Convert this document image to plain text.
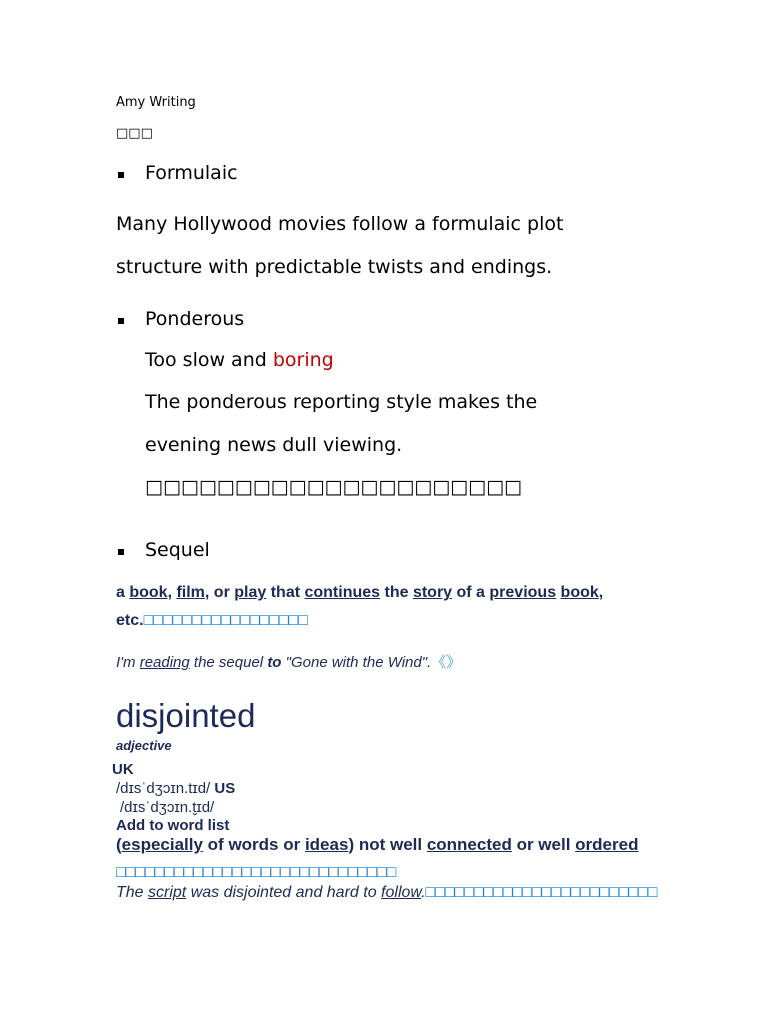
Amy Writing
□□□
Formulaic
Many Hollywood movies follow a formulaic plot
structure with predictable twists and endings.
Ponderous
Too slow and boring
The ponderous reporting style makes the
evening news dull viewing.
□□□□□□□□□□□□□□□□□□□□□
Sequel
a book, film, or play that continues the story of a previous book,
etc.□□□□□□□□□□□□□□□□□
I'm reading the sequel to "Gone with the Wind".《》
disjointed
adjective
UK
/dɪsˈdʒɔɪn.tɪd/ US
/dɪsˈdʒɔɪn.t̬ɪd/
Add to word list
(especially of words or ideas) not well connected or well ordered
□□□□□□□□□□□□□□□□□□□□□□□□□□□□□
The script was disjointed and hard to follow.□□□□□□□□□□□□□□□□□□□□□□□□
